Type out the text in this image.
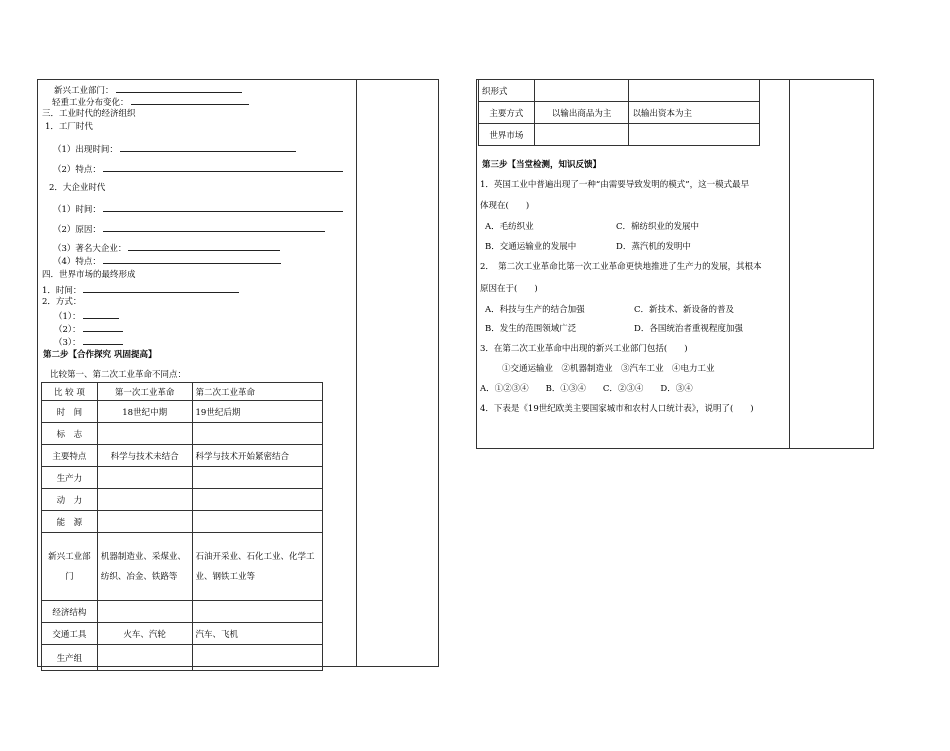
新兴工业部门：
轻重工业分布变化：
三．工业时代的经济组织
1．工厂时代
（1）出现时间：
（2）特点：
2．大企业时代
（1）时间：
（2）原因：
（3）著名大企业：
（4）特点：
四．世界市场的最终形成
1．时间：
2．方式：
（1）：
（2）：
（3）：
第二步【合作探究 巩固提高】
比较第一、第二次工业革命不同点：
比 较 项	第一次工业革命	第二次工业革命
时　间	18世纪中期	19世纪后期
标　志		
主要特点	科学与技术未结合	科学与技术开始紧密结合
生产力		
动　力		
能　源		
新兴工业部门	机器制造业、采煤业、纺织、冶金、铁路等	石油开采业、石化工业、化学工业、钢铁工业等
经济结构		
交通工具	火车、汽轮	汽车、飞机
生产组		
织形式		
主要方式	以输出商品为主	以输出资本为主
世界市场		
第三步【当堂检测，知识反馈】
1．英国工业中普遍出现了一种“由需要导致发明的模式”，这一模式最早
体现在(　　)
A．毛纺织业	C．棉纺织业的发展中
B．交通运输业的发展中	D．蒸汽机的发明中
2．　第二次工业革命比第一次工业革命更快地推进了生产力的发展，其根本
原因在于(　　)
A．科技与生产的结合加强	C．新技术、新设备的普及
B．发生的范围领域广泛	D．各国统治者重视程度加强
3．在第二次工业革命中出现的新兴工业部门包括(　　)
①交通运输业　②机器制造业　③汽车工业　④电力工业
A．①②③④　　B．①③④　　C．②③④　　D．③④
4．下表是《19世纪欧美主要国家城市和农村人口统计表》，说明了(　　)
